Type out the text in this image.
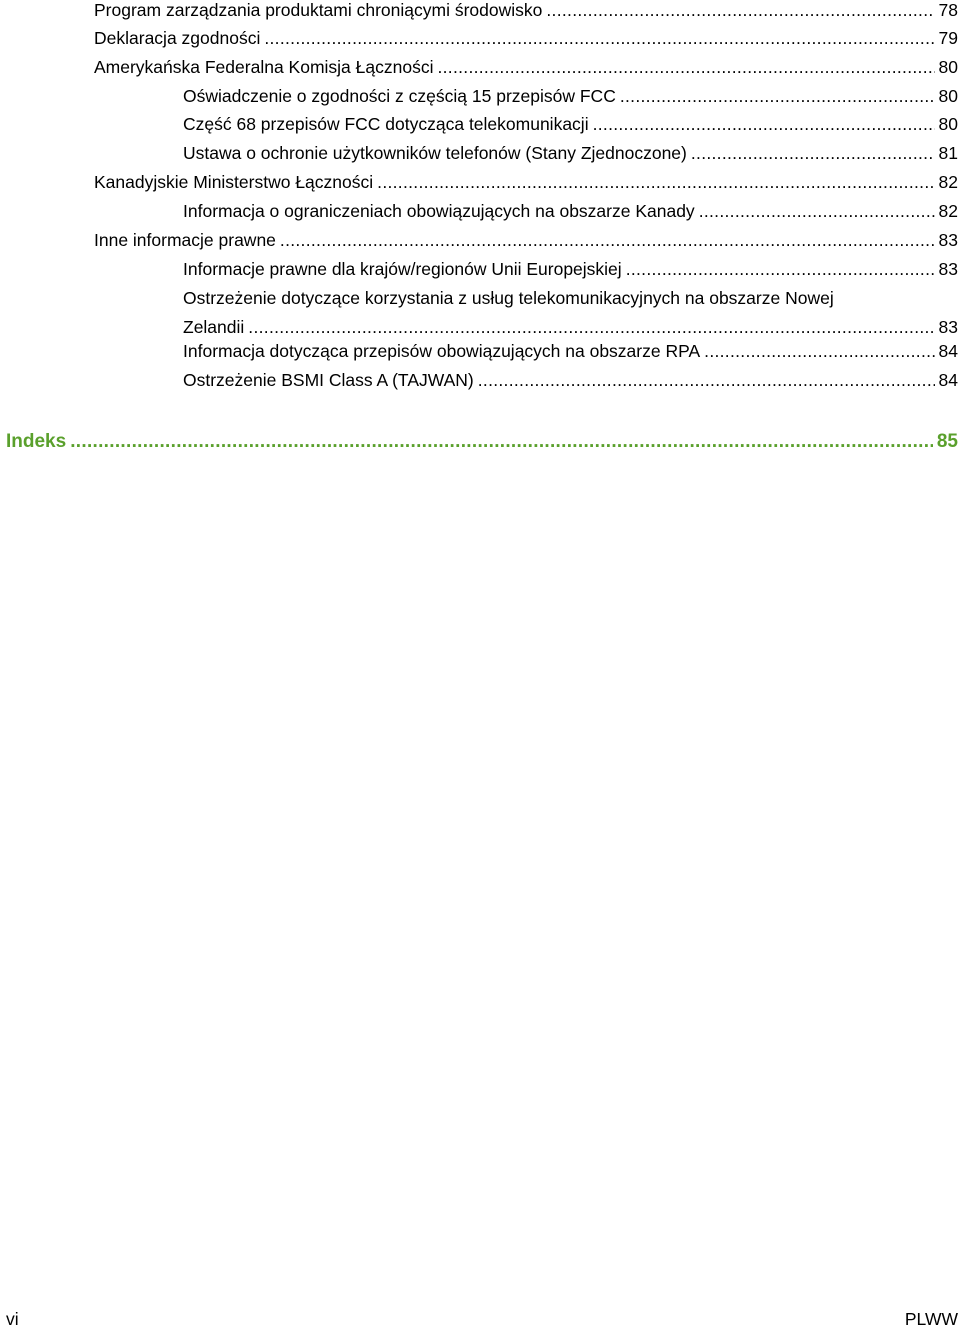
Program zarządzania produktami chroniącymi środowisko .....	78
Deklaracja zgodności .....	79
Amerykańska Federalna Komisja Łączności .....	80
Oświadczenie o zgodności z częścią 15 przepisów FCC .....	80
Część 68 przepisów FCC dotycząca telekomunikacji .....	80
Ustawa o ochronie użytkowników telefonów (Stany Zjednoczone) .....	81
Kanadyjskie Ministerstwo Łączności .....	82
Informacja o ograniczeniach obowiązujących na obszarze Kanady .....	82
Inne informacje prawne .....	83
Informacje prawne dla krajów/regionów Unii Europejskiej .....	83
Ostrzeżenie dotyczące korzystania z usług telekomunikacyjnych na obszarze Nowej
Zelandii .....	83
Informacja dotycząca przepisów obowiązujących na obszarze RPA .....	84
Ostrzeżenie BSMI Class A (TAJWAN) .....	84
Indeks .....	85
vi	PLWW
